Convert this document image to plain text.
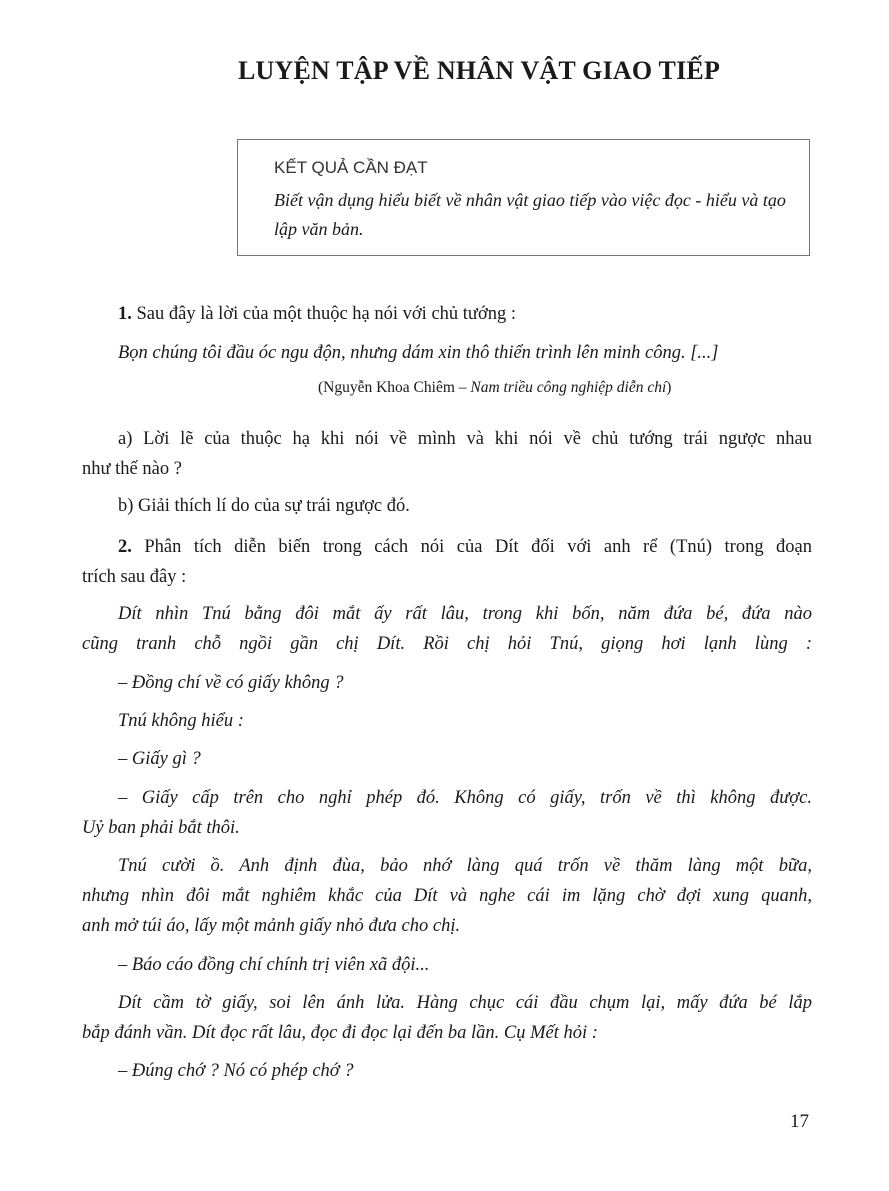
LUYỆN TẬP VỀ NHÂN VẬT GIAO TIẾP
KẾT QUẢ CẦN ĐẠT
Biết vận dụng hiểu biết về nhân vật giao tiếp vào việc đọc - hiểu và tạo lập văn bản.
1. Sau đây là lời của một thuộc hạ nói với chủ tướng :
Bọn chúng tôi đầu óc ngu độn, nhưng dám xin thô thiển trình lên minh công. [...]
(Nguyễn Khoa Chiêm – Nam triều công nghiệp diễn chí)
a) Lời lẽ của thuộc hạ khi nói về mình và khi nói về chủ tướng trái ngược nhau
như thế nào ?
b) Giải thích lí do của sự trái ngược đó.
2. Phân tích diễn biến trong cách nói của Dít đối với anh rể (Tnú) trong đoạn
trích sau đây :
Dít nhìn Tnú bằng đôi mắt ấy rất lâu, trong khi bốn, năm đứa bé, đứa nào
cũng tranh chỗ ngồi gần chị Dít. Rồi chị hỏi Tnú, giọng hơi lạnh lùng :
– Đồng chí về có giấy không ?
Tnú không hiểu :
– Giấy gì ?
– Giấy cấp trên cho nghỉ phép đó. Không có giấy, trốn về thì không được.
Uỷ ban phải bắt thôi.
Tnú cười ồ. Anh định đùa, bảo nhớ làng quá trốn về thăm làng một bữa,
nhưng nhìn đôi mắt nghiêm khắc của Dít và nghe cái im lặng chờ đợi xung quanh,
anh mở túi áo, lấy một mảnh giấy nhỏ đưa cho chị.
– Báo cáo đồng chí chính trị viên xã đội...
Dít cầm tờ giấy, soi lên ánh lửa. Hàng chục cái đầu chụm lại, mấy đứa bé lắp
bắp đánh vần. Dít đọc rất lâu, đọc đi đọc lại đến ba lần. Cụ Mết hỏi :
– Đúng chớ ? Nó có phép chớ ?
17
